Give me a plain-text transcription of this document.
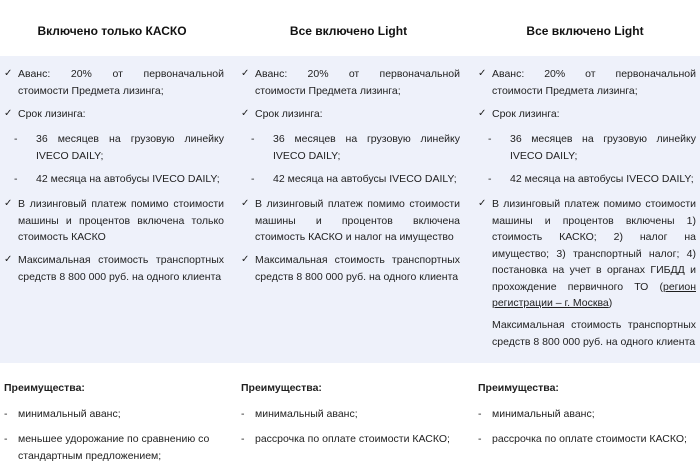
Включено только КАСКО	Все включено Light	Все включено Light
✓ Аванс: 20% от первоначальной стоимости Предмета лизинга;
✓ Срок лизинга:
- 36 месяцев на грузовую линейку IVECO DAILY;
- 42 месяца на автобусы IVECO DAILY;
✓ В лизинговый платеж помимо стоимости машины и процентов включена только стоимость КАСКО
✓ Максимальная стоимость транспортных средств 8 800 000 руб. на одного клиента
Преимущества:
- минимальный аванс;
- меньшее удорожание по сравнению со стандартным предложением;
✓ Аванс: 20% от первоначальной стоимости Предмета лизинга;
✓ Срок лизинга:
- 36 месяцев на грузовую линейку IVECO DAILY;
- 42 месяца на автобусы IVECO DAILY;
✓ В лизинговый платеж помимо стоимости машины и процентов включена стоимость КАСКО и налог на имущество
✓ Максимальная стоимость транспортных средств 8 800 000 руб. на одного клиента
Преимущества:
- минимальный аванс;
- рассрочка по оплате стоимости КАСКО;
✓ Аванс: 20% от первоначальной стоимости Предмета лизинга;
✓ Срок лизинга:
- 36 месяцев на грузовую линейку IVECO DAILY;
- 42 месяца на автобусы IVECO DAILY;
✓ В лизинговый платеж помимо стоимости машины и процентов включены 1) стоимость КАСКО; 2) налог на имущество; 3) транспортный налог; 4) постановка на учет в органах ГИБДД и прохождение первичного ТО (регион регистрации – г. Москва)
Максимальная стоимость транспортных средств 8 800 000 руб. на одного клиента
Преимущества:
- минимальный аванс;
- рассрочка по оплате стоимости КАСКО;
